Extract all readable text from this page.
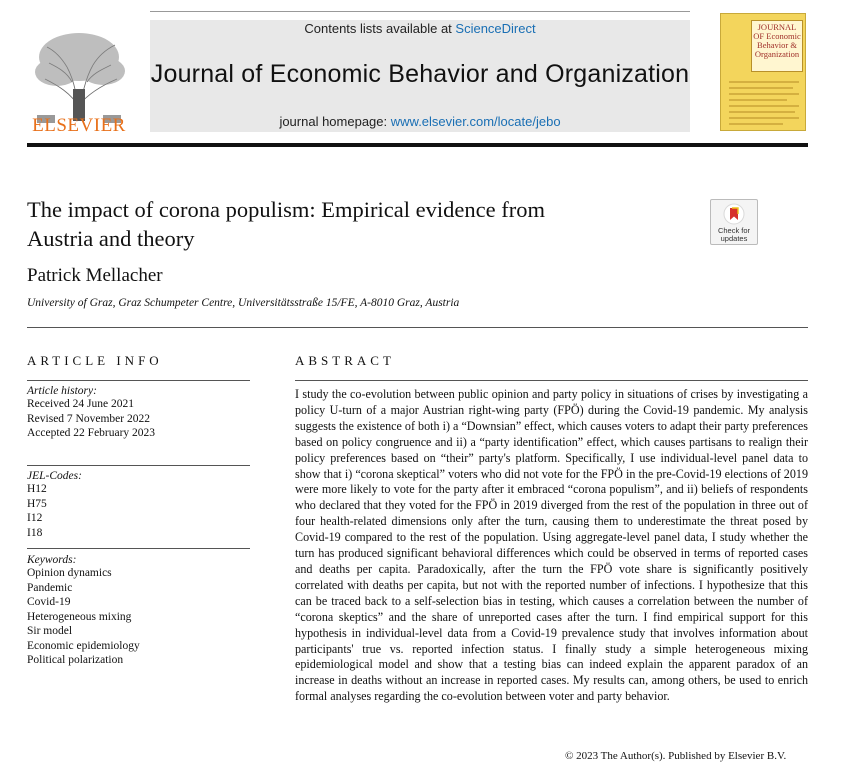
ELSEVIER
Contents lists available at ScienceDirect
Journal of Economic Behavior and Organization
journal homepage: www.elsevier.com/locate/jebo
JOURNAL OF Economic Behavior & Organization
The impact of corona populism: Empirical evidence from
Austria and theory	Check for updates
Patrick Mellacher
University of Graz, Graz Schumpeter Centre, Universitätsstraße 15/FE, A-8010 Graz, Austria
ARTICLE INFO	ABSTRACT
Article history:
Received 24 June 2021
Revised 7 November 2022
Accepted 22 February 2023
JEL-Codes:
H12
H75
I12
I18
Keywords:
Opinion dynamics
Pandemic
Covid-19
Heterogeneous mixing
Sir model
Economic epidemiology
Political polarization
I study the co-evolution between public opinion and party policy in situations of crises by investigating a policy U-turn of a major Austrian right-wing party (FPÖ) during the Covid-19 pandemic. My analysis suggests the existence of both i) a “Downsian” effect, which causes voters to adapt their party preferences based on policy congruence and ii) a “party identification” effect, which causes partisans to realign their policy preferences based on “their” party's platform. Specifically, I use individual-level panel data to show that i) “corona skeptical” voters who did not vote for the FPÖ in the pre-Covid-19 elections of 2019 were more likely to vote for the party after it embraced “corona populism”, and ii) beliefs of respondents who declared that they voted for the FPÖ in 2019 diverged from the rest of the population in three out of four health-related dimensions only after the turn, causing them to underestimate the threat posed by Covid-19 compared to the rest of the population. Using aggregate-level panel data, I study whether the turn has produced significant behavioral differences which could be observed in terms of reported cases and deaths per capita. Paradoxically, after the turn the FPÖ vote share is significantly positively correlated with deaths per capita, but not with the reported number of infections. I hypothesize that this can be traced back to a self-selection bias in testing, which causes a correlation between the number of “corona skeptics” and the share of unreported cases after the turn. I find empirical support for this hypothesis in individual-level data from a Covid-19 prevalence study that involves information about participants' true vs. reported infection status. I finally study a simple heterogeneous mixing epidemiological model and show that a testing bias can indeed explain the apparent paradox of an increase in deaths without an increase in reported cases. My results can, among others, be used to enrich formal analyses regarding the co-evolution between voter and party behavior.
© 2023 The Author(s). Published by Elsevier B.V.
